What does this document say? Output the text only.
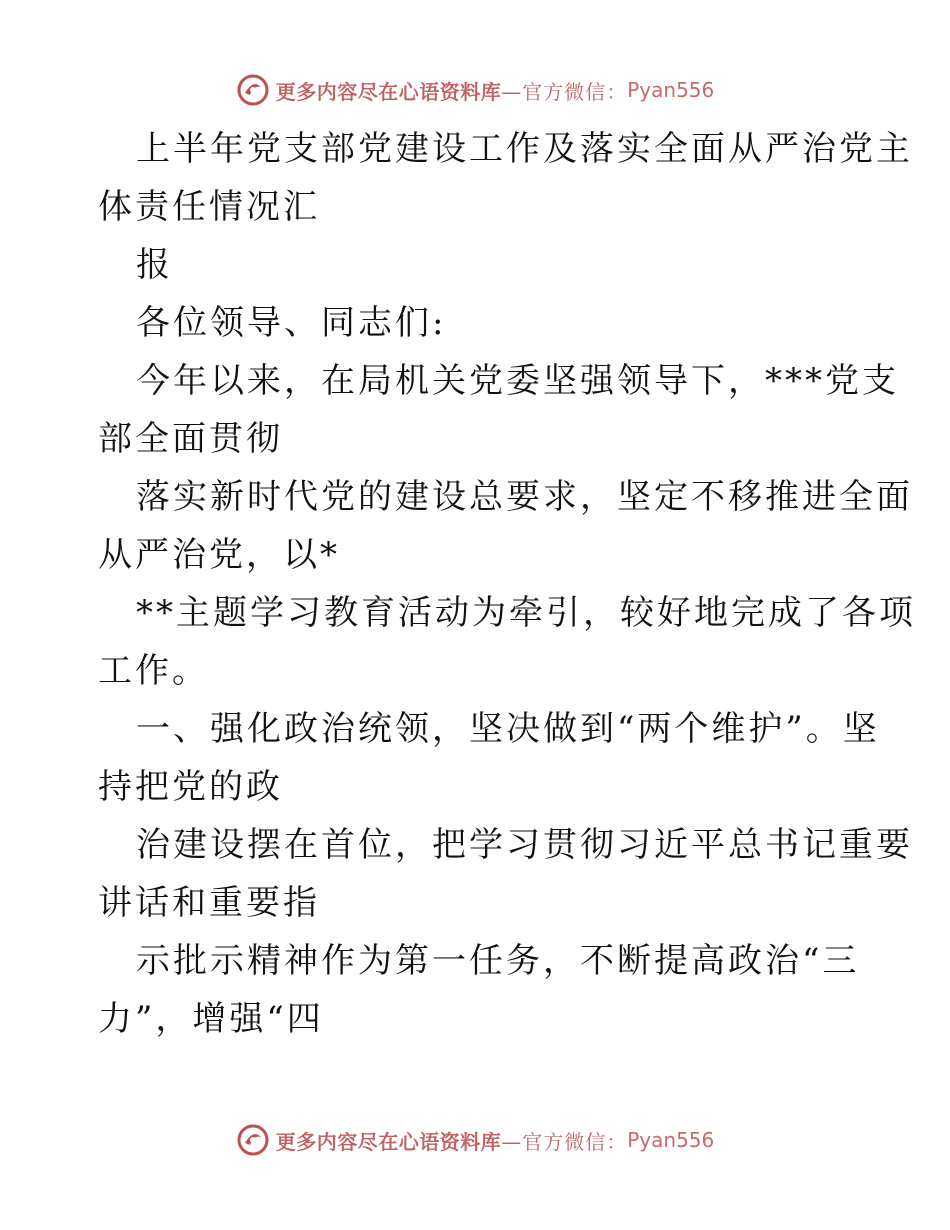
更多内容尽在心语资料库 —官方微信： Pyan556
上半年党支部党建设工作及落实全面从严治党主
体责任情况汇
报
各位领导、同志们:
今年以来，在局机关党委坚强领导下，***党支
部全面贯彻
落实新时代党的建设总要求，坚定不移推进全面
从严治党，以*
**主题学习教育活动为牵引，较好地完成了各项
工作。
一、强化政治统领，坚决做到“两个维护”。坚
持把党的政
治建设摆在首位，把学习贯彻习近平总书记重要
讲话和重要指
示批示精神作为第一任务，不断提高政治“三
力”，增强“四
更多内容尽在心语资料库 —官方微信： Pyan556
